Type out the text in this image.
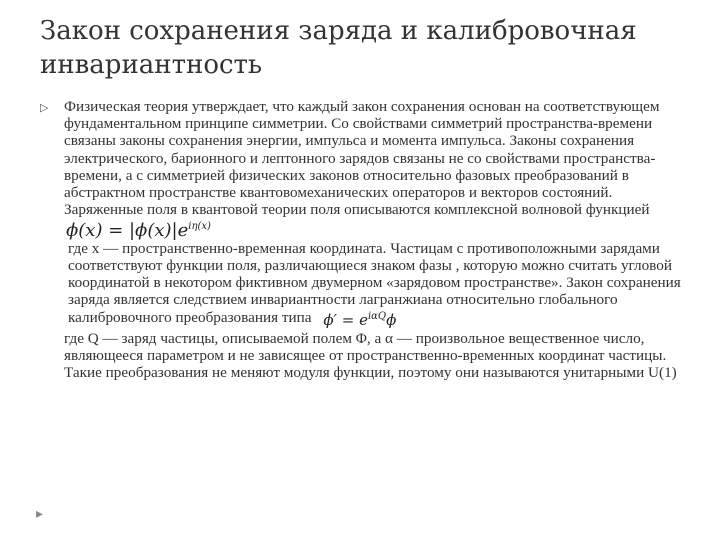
Закон сохранения заряда и калибровочная инвариантность
▷ Физическая теория утверждает, что каждый закон сохранения основан на соответствующем фундаментальном принципе симметрии. Со свойствами симметрий пространства-времени связаны законы сохранения энергии, импульса и момента импульса. Законы сохранения электрического, барионного и лептонного зарядов связаны не со свойствами пространства-времени, а с симметрией физических законов относительно фазовых преобразований в абстрактном пространстве квантовомеханических операторов и векторов состояний. Заряженные поля в квантовой теории поля описываются комплексной волновой функцией $\phi(x) = |\phi(x)|e^{i\eta(x)}$

где x — пространственно-временная координата. Частицам с противоположными зарядами соответствуют функции поля, различающиеся знаком фазы , которую можно считать угловой координатой в некотором фиктивном двумерном «зарядовом пространстве». Закон сохранения заряда является следствием инвариантности лагранжиана относительно глобального калибровочного преобразования типа $\phi' = e^{i\alpha Q}\phi$

где Q — заряд частицы, описываемой полем Φ, а α — произвольное вещественное число, являющееся параметром и не зависящее от пространственно-временных координат частицы. Такие преобразования не меняют модуля функции, поэтому они называются унитарными U(1)

▸
